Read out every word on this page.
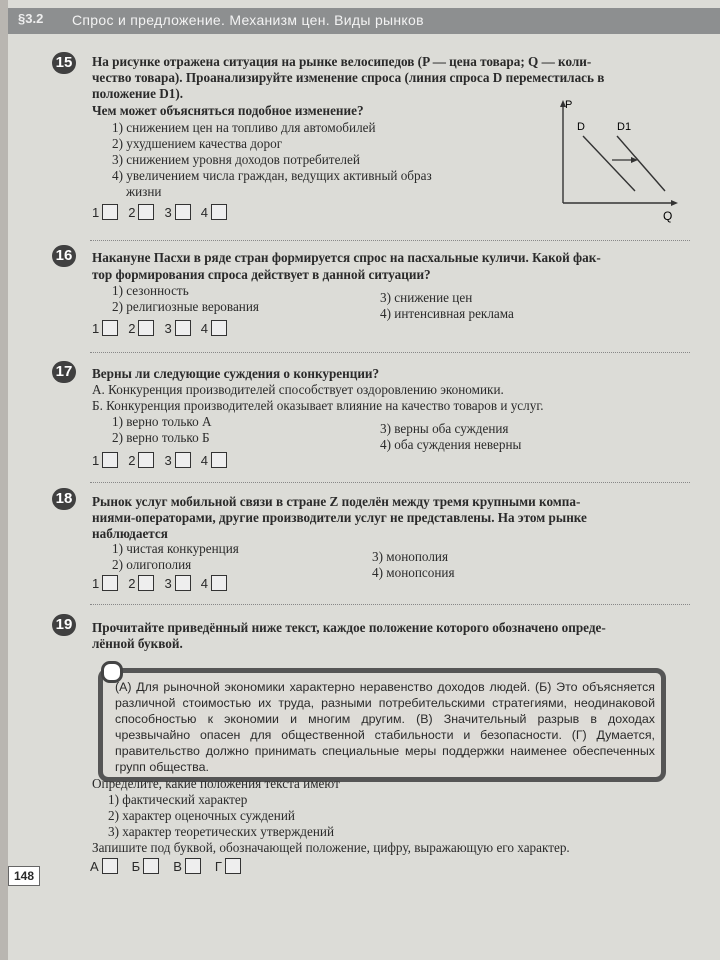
§3.2 Спрос и предложение. Механизм цен. Виды рынков
15 На рисунке отражена ситуация на рынке велосипедов (P — цена товара; Q — коли-
чество товара). Проанализируйте изменение спроса (линия спроса D переместилась в
положение D1).
Чем может объясняться подобное изменение?
1) снижением цен на топливо для автомобилей
2) ухудшением качества дорог
3) снижением уровня доходов потребителей
4) увеличением числа граждан, ведущих активный образ
жизни
P
Q
D	D1
1 2 3 4
16 Накануне Пасхи в ряде стран формируется спрос на пасхальные куличи. Какой фак-
тор формирования спроса действует в данной ситуации?
1) сезонность
2) религиозные верования
3) снижение цен
4) интенсивная реклама
1 2 3 4
17 Верны ли следующие суждения о конкуренции?
А. Конкуренция производителей способствует оздоровлению экономики.
Б. Конкуренция производителей оказывает влияние на качество товаров и услуг.
1) верно только А
2) верно только Б
3) верны оба суждения
4) оба суждения неверны
1 2 3 4
18 Рынок услуг мобильной связи в стране Z поделён между тремя крупными компа-
ниями-операторами, другие производители услуг не представлены. На этом рынке
наблюдается
1) чистая конкуренция
2) олигополия
3) монополия
4) монопсония
1 2 3 4
19 Прочитайте приведённый ниже текст, каждое положение которого обозначено опреде-
лённой буквой.
(А) Для рыночной экономики характерно неравенство доходов людей. (Б) Это объясняется различной стоимостью их труда, разными потребительскими стратегиями, неодинаковой способностью к экономии и многим другим. (В) Значительный разрыв в доходах чрезвычайно опасен для общественной стабильности и безопасности. (Г) Думается, правительство должно принимать специальные меры поддержки наименее обеспеченных групп общества.
Определите, какие положения текста имеют
1) фактический характер
2) характер оценочных суждений
3) характер теоретических утверждений
Запишите под буквой, обозначающей положение, цифру, выражающую его характер.
А	Б	В	Г
148
